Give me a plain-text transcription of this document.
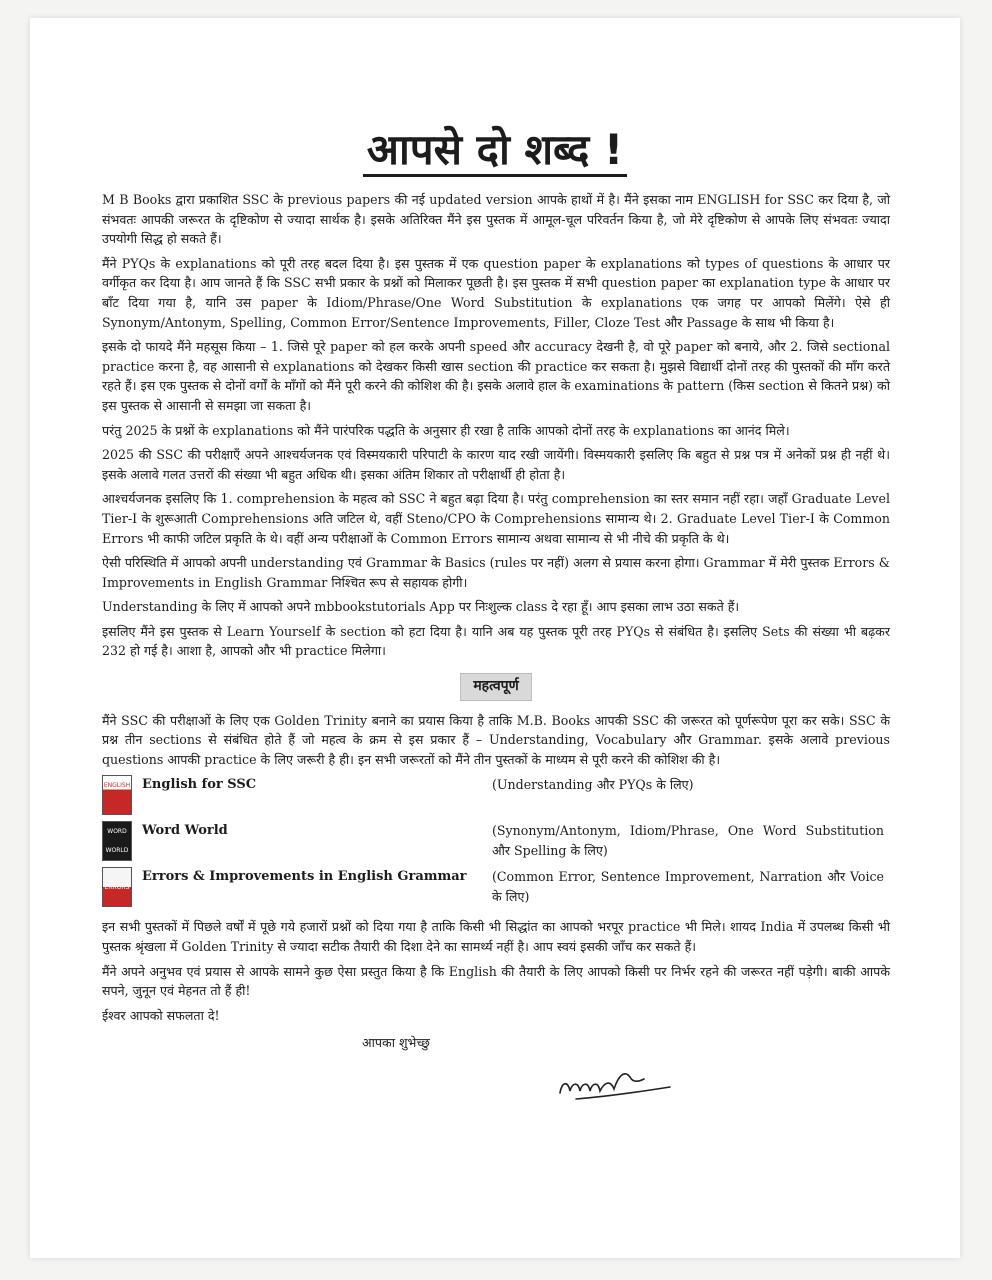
आपसे दो शब्द !

M B Books द्वारा प्रकाशित SSC के previous papers की नई updated version आपके हाथों में है। मैंने इसका नाम ENGLISH for SSC कर दिया है, जो संभवतः आपकी जरूरत के दृष्टिकोण से ज्यादा सार्थक है। इसके अतिरिक्त मैंने इस पुस्तक में आमूल-चूल परिवर्तन किया है, जो मेरे दृष्टिकोण से आपके लिए संभवतः ज्यादा उपयोगी सिद्ध हो सकते हैं।

मैंने PYQs के explanations को पूरी तरह बदल दिया है। इस पुस्तक में एक question paper के explanations को types of questions के आधार पर वर्गीकृत कर दिया है। आप जानते हैं कि SSC सभी प्रकार के प्रश्नों को मिलाकर पूछती है। इस पुस्तक में सभी question paper का explanation type के आधार पर बाँट दिया गया है, यानि उस paper के Idiom/Phrase/One Word Substitution के explanations एक जगह पर आपको मिलेंगे। ऐसे ही Synonym/Antonym, Spelling, Common Error/Sentence Improvements, Filler, Cloze Test और Passage के साथ भी किया है।

इसके दो फायदे मैंने महसूस किया – 1. जिसे पूरे paper को हल करके अपनी speed और accuracy देखनी है, वो पूरे paper को बनाये, और 2. जिसे sectional practice करना है, वह आसानी से explanations को देखकर किसी खास section की practice कर सकता है। मुझसे विद्यार्थी दोनों तरह की पुस्तकों की माँग करते रहते हैं। इस एक पुस्तक से दोनों वर्गों के माँगों को मैंने पूरी करने की कोशिश की है। इसके अलावे हाल के examinations के pattern (किस section से कितने प्रश्न) को इस पुस्तक से आसानी से समझा जा सकता है।

परंतु 2025 के प्रश्नों के explanations को मैंने पारंपरिक पद्धति के अनुसार ही रखा है ताकि आपको दोनों तरह के explanations का आनंद मिले।

2025 की SSC की परीक्षाएँ अपने आश्चर्यजनक एवं विस्मयकारी परिपाटी के कारण याद रखी जायेंगी। विस्मयकारी इसलिए कि बहुत से प्रश्न पत्र में अनेकों प्रश्न ही नहीं थे। इसके अलावे गलत उत्तरों की संख्या भी बहुत अधिक थी। इसका अंतिम शिकार तो परीक्षार्थी ही होता है।

आश्चर्यजनक इसलिए कि 1. comprehension के महत्व को SSC ने बहुत बढ़ा दिया है। परंतु comprehension का स्तर समान नहीं रहा। जहाँ Graduate Level Tier-I के शुरूआती Comprehensions अति जटिल थे, वहीं Steno/CPO के Comprehensions सामान्य थे। 2. Graduate Level Tier-I के Common Errors भी काफी जटिल प्रकृति के थे। वहीं अन्य परीक्षाओं के Common Errors सामान्य अथवा सामान्य से भी नीचे की प्रकृति के थे।

ऐसी परिस्थिति में आपको अपनी understanding एवं Grammar के Basics (rules पर नहीं) अलग से प्रयास करना होगा। Grammar में मेरी पुस्तक Errors & Improvements in English Grammar निश्चित रूप से सहायक होगी।

Understanding के लिए में आपको अपने mbbookstutorials App पर निःशुल्क class दे रहा हूँ। आप इसका लाभ उठा सकते हैं।

इसलिए मैंने इस पुस्तक से Learn Yourself के section को हटा दिया है। यानि अब यह पुस्तक पूरी तरह PYQs से संबंधित है। इसलिए Sets की संख्या भी बढ़कर 232 हो गई है। आशा है, आपको और भी practice मिलेगा।

महत्वपूर्ण

मैंने SSC की परीक्षाओं के लिए एक Golden Trinity बनाने का प्रयास किया है ताकि M.B. Books आपकी SSC की जरूरत को पूर्णरूपेण पूरा कर सके। SSC के प्रश्न तीन sections से संबंधित होते हैं जो महत्व के क्रम से इस प्रकार हैं – Understanding, Vocabulary और Grammar. इसके अलावे previous questions आपकी practice के लिए जरूरी है ही। इन सभी जरूरतों को मैंने तीन पुस्तकों के माध्यम से पूरी करने की कोशिश की है।

ENGLISH SSC
English for SSC	(Understanding और PYQs के लिए)
WORD WORLD
Word World	(Synonym/Antonym, Idiom/Phrase, One Word Substitution और Spelling के लिए)
ERRORS
Errors & Improvements in English Grammar	(Common Error, Sentence Improvement, Narration और Voice के लिए)

इन सभी पुस्तकों में पिछले वर्षों में पूछे गये हजारों प्रश्नों को दिया गया है ताकि किसी भी सिद्धांत का आपको भरपूर practice भी मिले। शायद India में उपलब्ध किसी भी पुस्तक श्रृंखला में Golden Trinity से ज्यादा सटीक तैयारी की दिशा देने का सामर्थ्य नहीं है। आप स्वयं इसकी जाँच कर सकते हैं।

मैंने अपने अनुभव एवं प्रयास से आपके सामने कुछ ऐसा प्रस्तुत किया है कि English की तैयारी के लिए आपको किसी पर निर्भर रहने की जरूरत नहीं पड़ेगी। बाकी आपके सपने, जुनून एवं मेहनत तो हैं ही!

ईश्वर आपको सफलता दे!

आपका शुभेच्छु
